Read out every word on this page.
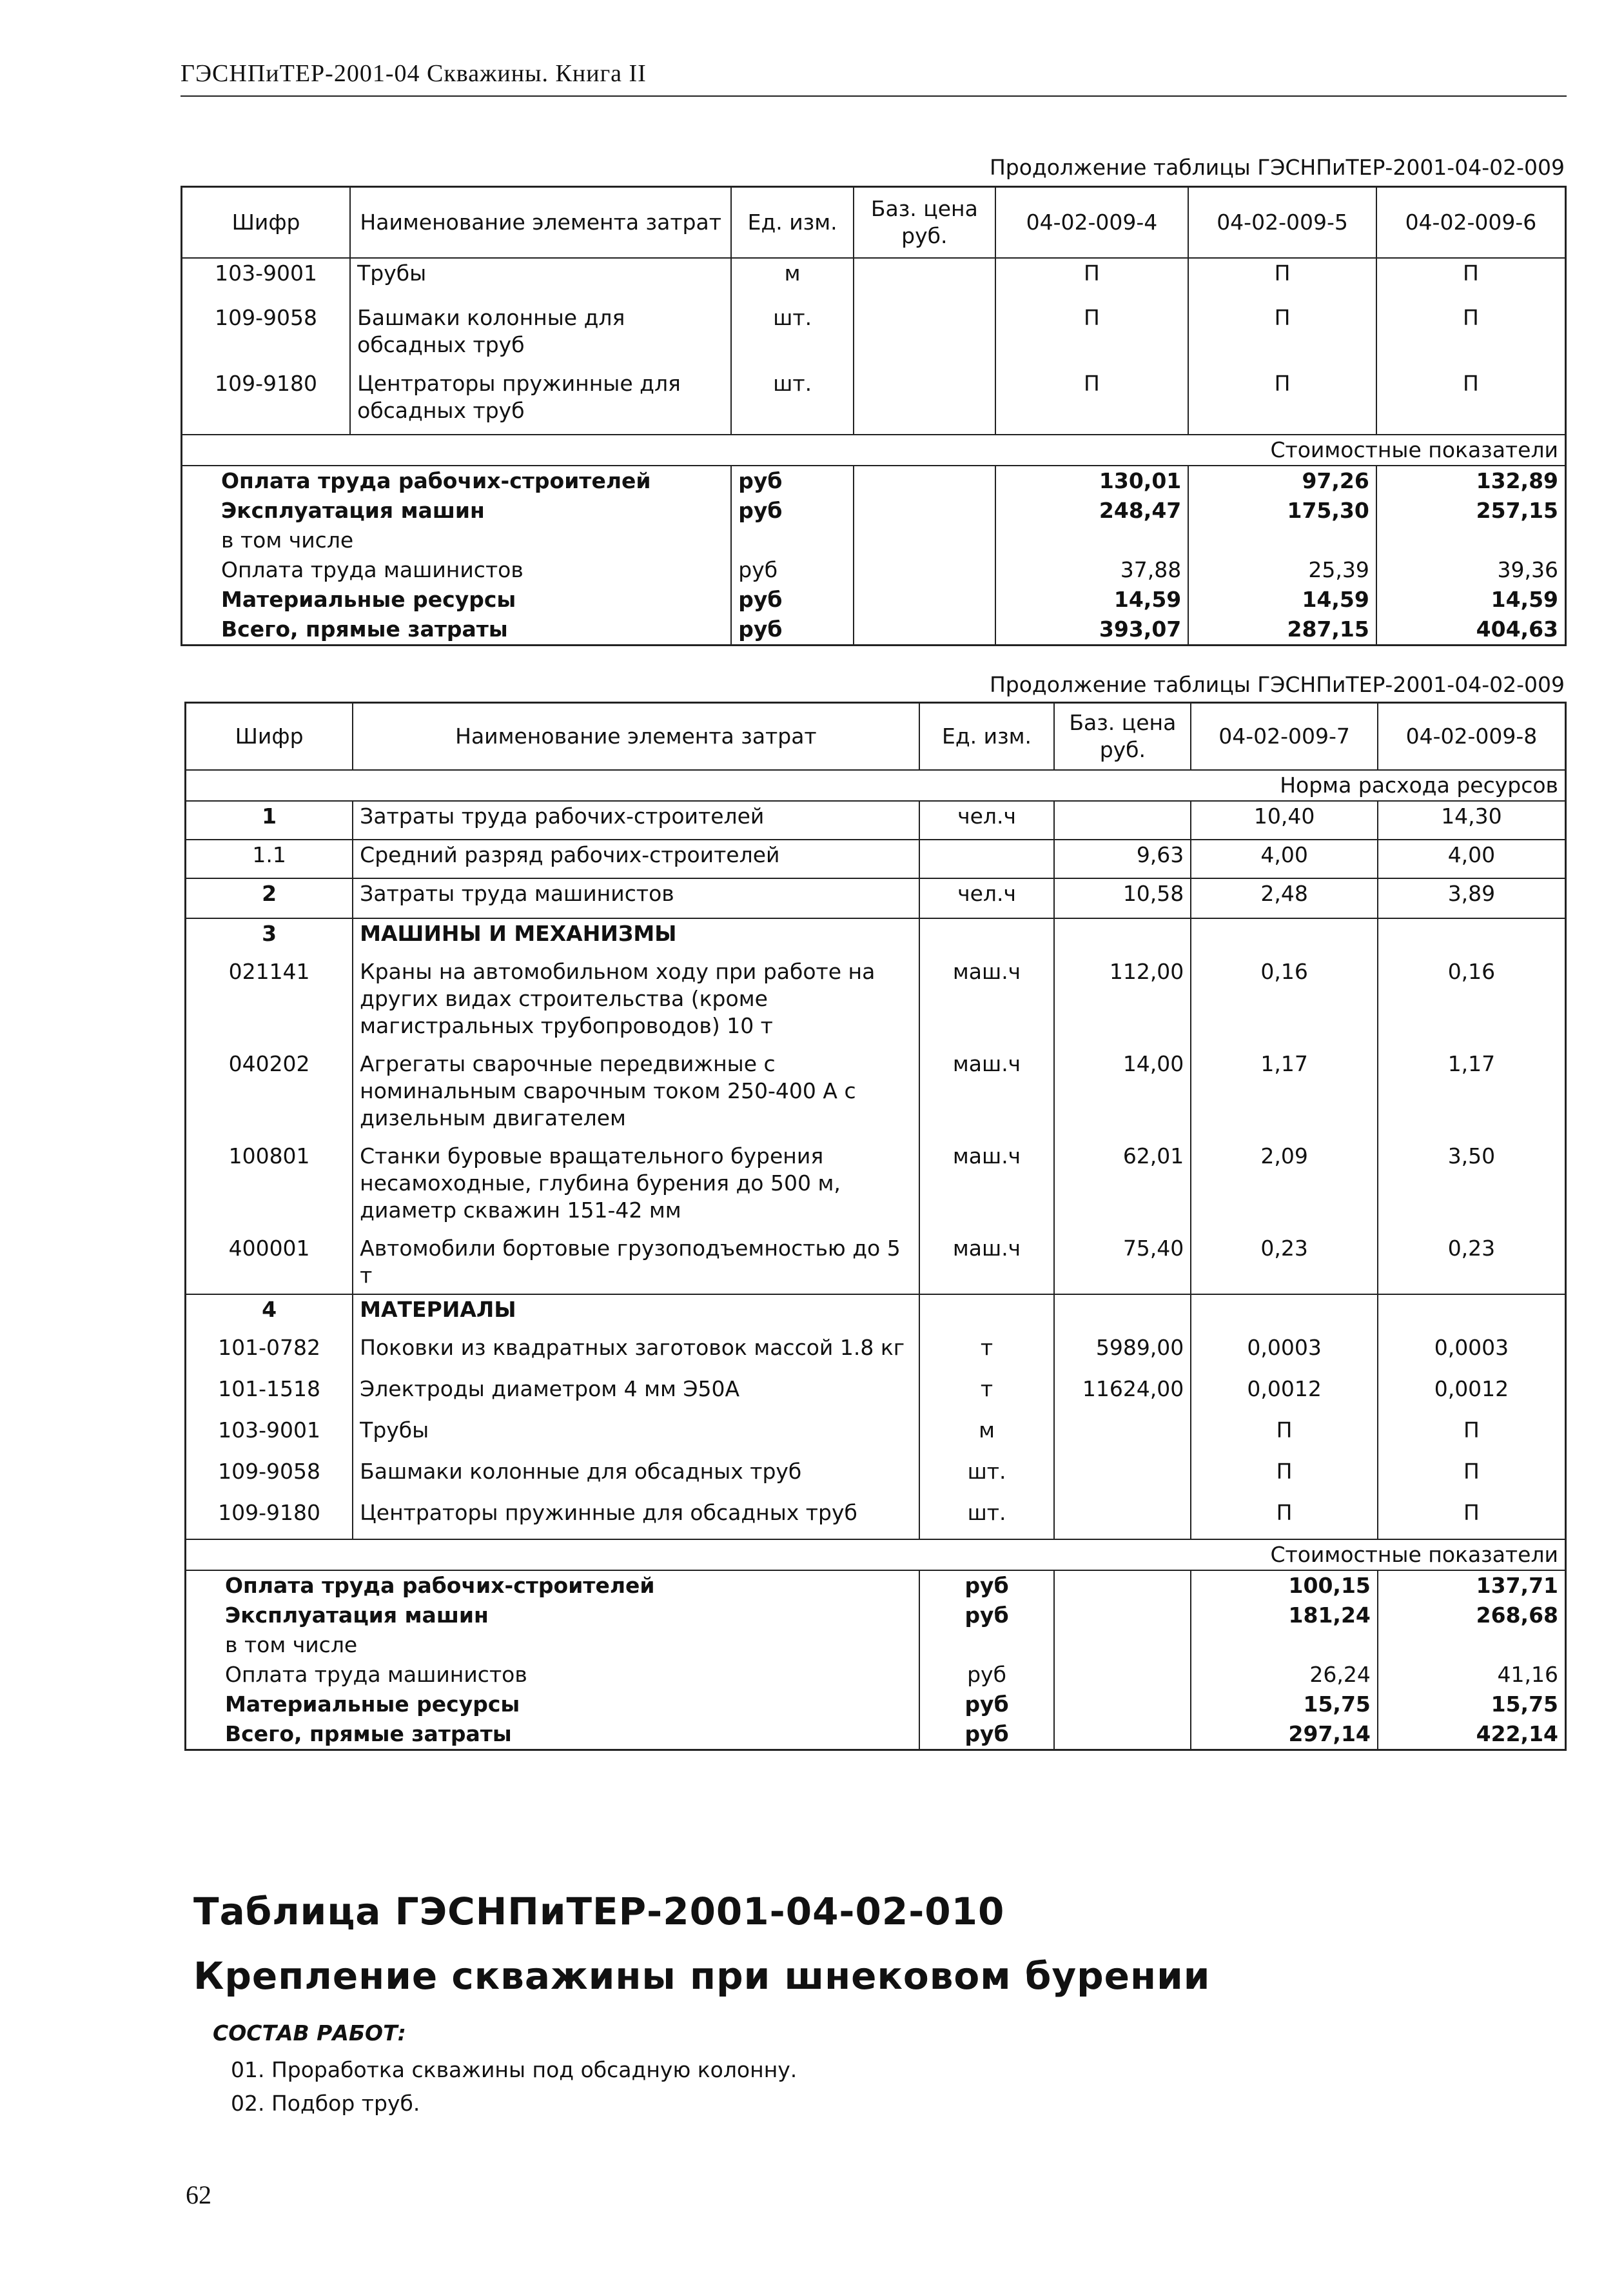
ГЭСНПиТЕР-2001-04 Скважины. Книга II
Продолжение таблицы ГЭСНПиТЕР-2001-04-02-009
Шифр	Наименование элемента затрат	Ед. изм.	Баз. цена руб.	04-02-009-4	04-02-009-5	04-02-009-6
103-9001	Трубы	м		П	П	П
109-9058	Башмаки колонные для обсадных труб	шт.		П	П	П
109-9180	Центраторы пружинные для обсадных труб	шт.		П	П	П
Стоимостные показатели						
Оплата труда рабочих-строителей		руб		130,01	97,26	132,89
Эксплуатация машин		руб		248,47	175,30	257,15
в том числе						
Оплата труда машинистов		руб		37,88	25,39	39,36
Материальные ресурсы		руб		14,59	14,59	14,59
Всего, прямые затраты		руб		393,07	287,15	404,63
Продолжение таблицы ГЭСНПиТЕР-2001-04-02-009
Шифр	Наименование элемента затрат	Ед. изм.	Баз. цена руб.	04-02-009-7	04-02-009-8
Норма расхода ресурсов					
1	Затраты труда рабочих-строителей	чел.ч		10,40	14,30
1.1	Средний разряд рабочих-строителей		9,63	4,00	4,00
2	Затраты труда машинистов	чел.ч	10,58	2,48	3,89
3	МАШИНЫ И МЕХАНИЗМЫ				
021141	Краны на автомобильном ходу при работе на других видах строительства (кроме магистральных трубопроводов) 10 т	маш.ч	112,00	0,16	0,16
040202	Агрегаты сварочные передвижные с номинальным сварочным током 250-400 А с дизельным двигателем	маш.ч	14,00	1,17	1,17
100801	Станки буровые вращательного бурения несамоходные, глубина бурения до 500 м, диаметр скважин 151-42 мм	маш.ч	62,01	2,09	3,50
400001	Автомобили бортовые грузоподъемностью до 5 т	маш.ч	75,40	0,23	0,23
4	МАТЕРИАЛЫ				
101-0782	Поковки из квадратных заготовок массой 1.8 кг	т	5989,00	0,0003	0,0003
101-1518	Электроды диаметром 4 мм Э50А	т	11624,00	0,0012	0,0012
103-9001	Трубы	м		П	П
109-9058	Башмаки колонные для обсадных труб	шт.		П	П
109-9180	Центраторы пружинные для обсадных труб	шт.		П	П
Стоимостные показатели					
Оплата труда рабочих-строителей		руб		100,15	137,71
Эксплуатация машин		руб		181,24	268,68
в том числе					
Оплата труда машинистов		руб		26,24	41,16
Материальные ресурсы		руб		15,75	15,75
Всего, прямые затраты		руб		297,14	422,14
Таблица ГЭСНПиТЕР-2001-04-02-010
Крепление скважины при шнековом бурении
СОСТАВ РАБОТ:
01. Проработка скважины под обсадную колонну.
02. Подбор труб.
62
